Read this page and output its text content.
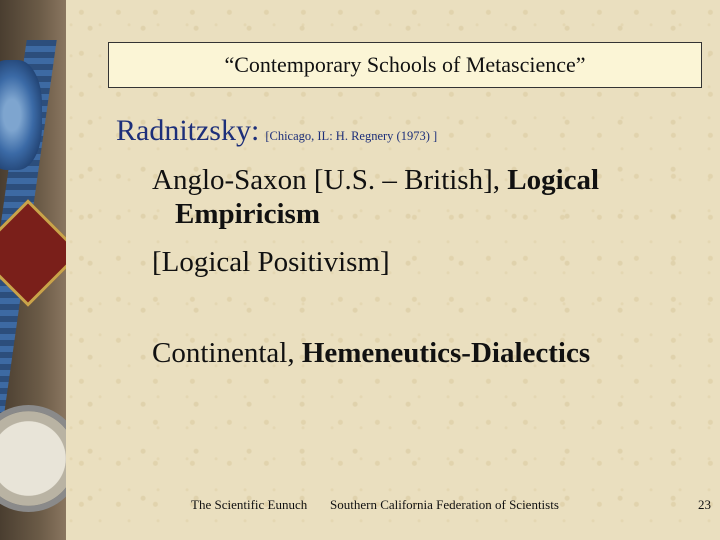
“Contemporary Schools of Metascience”
Radnitzsky: [Chicago, IL: H. Regnery (1973) ]
Anglo-Saxon [U.S. – British], Logical
Empiricism
[Logical Positivism]
Continental, Hemeneutics-Dialectics
The Scientific Eunuch Southern California Federation of Scientists	23
